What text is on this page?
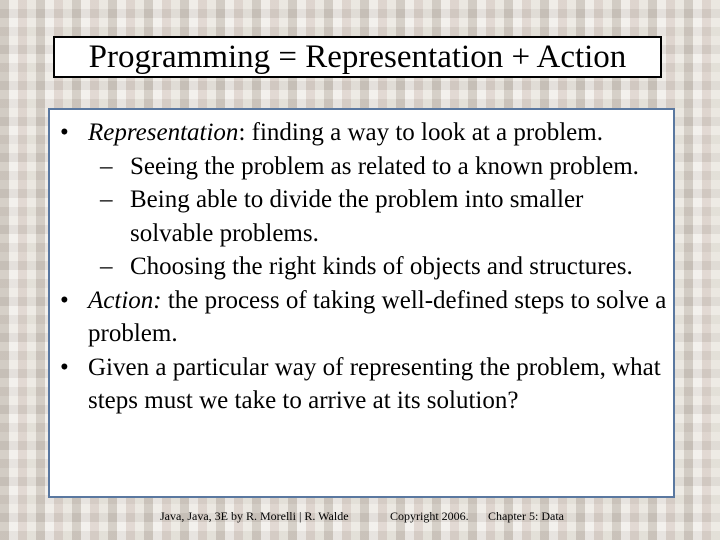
Programming = Representation + Action
• Representation: finding a way to look at a problem.
– Seeing the problem as related to a known problem.
– Being able to divide the problem into smaller solvable problems.
– Choosing the right kinds of objects and structures.
• Action: the process of taking well-defined steps to solve a problem.
• Given a particular way of representing the problem, what steps must we take to arrive at its solution?
Java, Java, 3E by R. Morelli | R. Walde	Copyright 2006. Chapter 5: Data
